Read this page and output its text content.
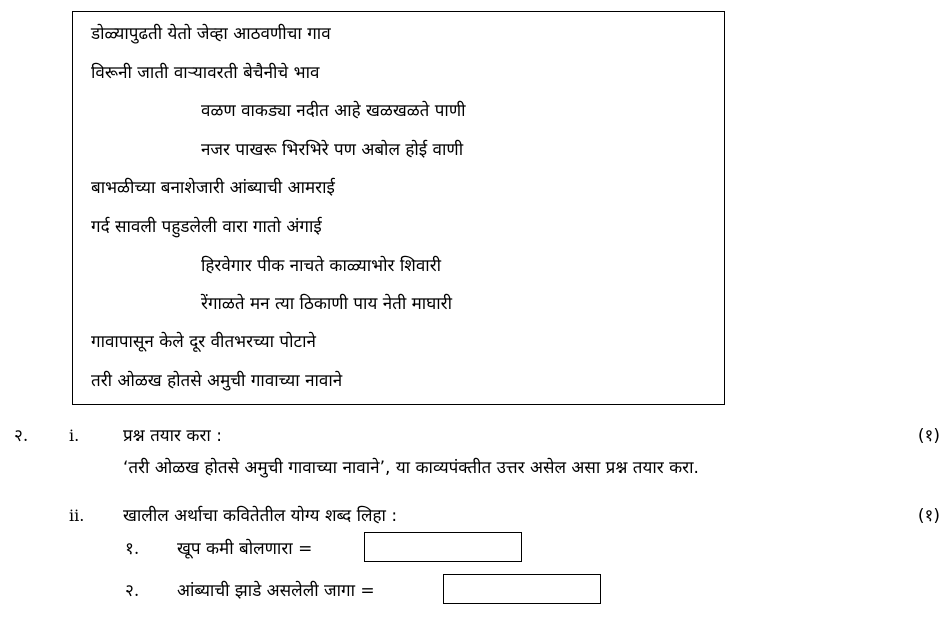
डोळ्यापुढती येतो जेव्हा आठवणीचा गाव
विरूनी जाती वाऱ्यावरती बेचैनीचे भाव
वळण वाकड्या नदीत आहे खळखळते पाणी
नजर पाखरू भिरभिरे पण अबोल होई वाणी
बाभळीच्या बनाशेजारी आंब्याची आमराई
गर्द सावली पहुडलेली वारा गातो अंगाई
हिरवेगार पीक नाचते काळ्याभोर शिवारी
रेंगाळते मन त्या ठिकाणी पाय नेती माघारी
गावापासून केले दूर वीतभरच्या पोटाने
तरी ओळख होतसे अमुची गावाच्या नावाने
२.	i.	प्रश्न तयार करा :	(१)
‘तरी ओळख होतसे अमुची गावाच्या नावाने’, या काव्यपंक्तीत उत्तर असेल असा प्रश्न तयार करा.
ii. खालील अर्थाचा कवितेतील योग्य शब्द लिहा :	(१)
१. खूप कमी बोलणारा =
२. आंब्याची झाडे असलेली जागा =
